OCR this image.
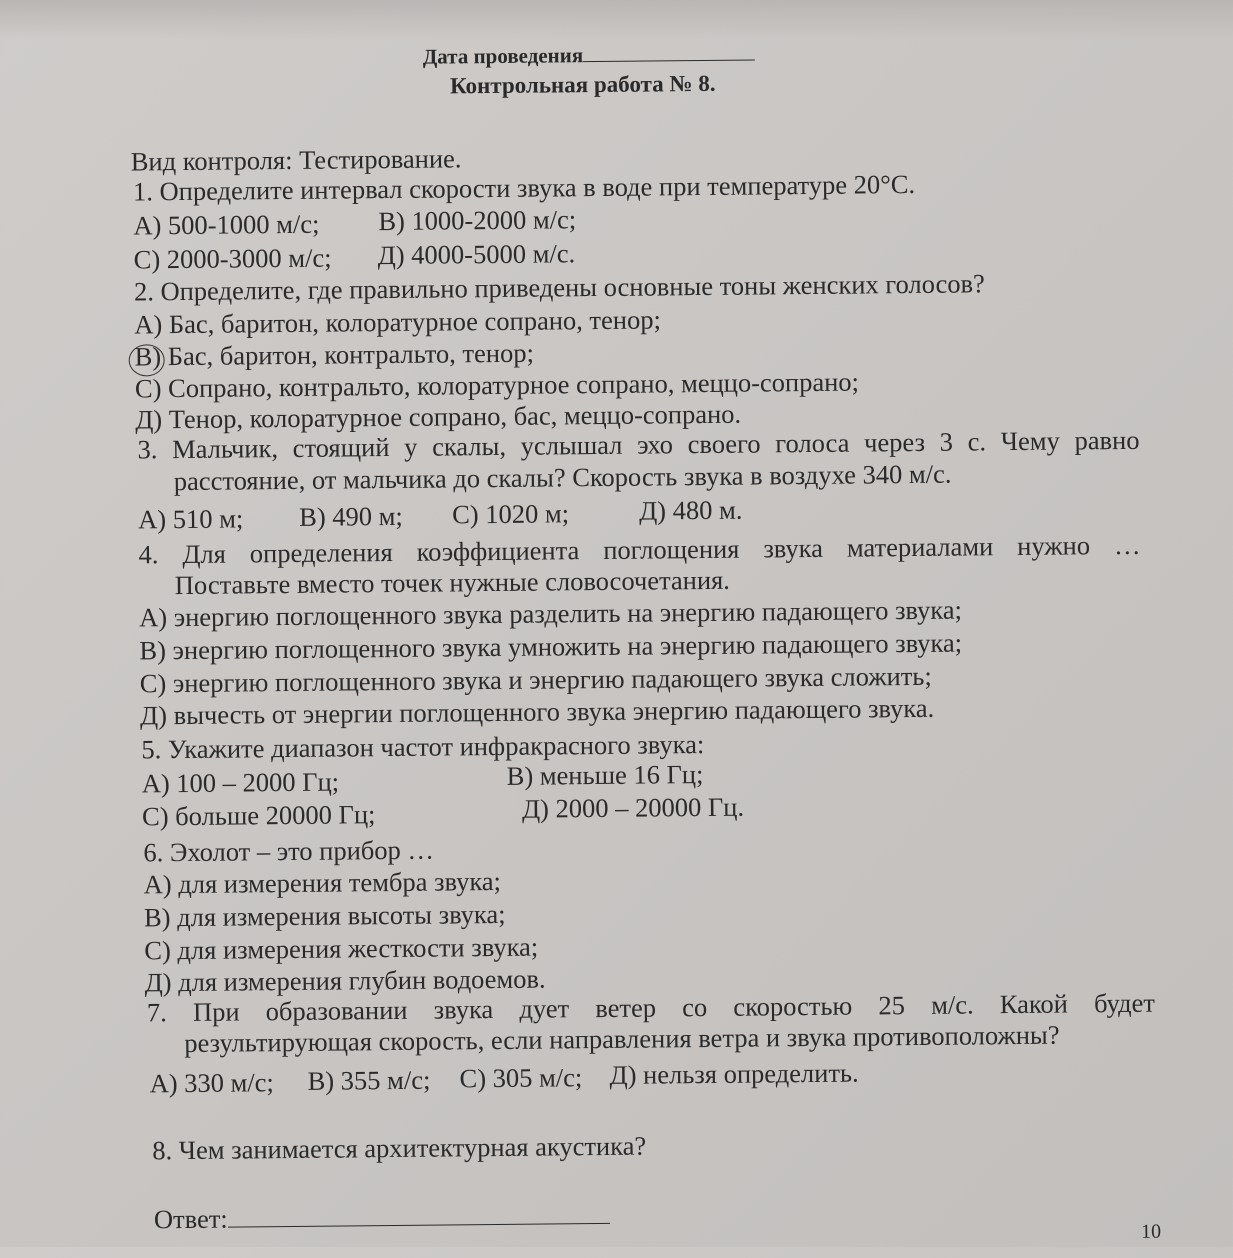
Дата проведения
Контрольная работа № 8.
Вид контроля: Тестирование.
1. Определите интервал скорости звука в воде при температуре 20°С.
А) 500-1000 м/с; В) 1000-2000 м/с;
С) 2000-3000 м/с; Д) 4000-5000 м/с.
2. Определите, где правильно приведены основные тоны женских голосов?
А) Бас, баритон, колоратурное сопрано, тенор;
В) Бас, баритон, контральто, тенор;
С) Сопрано, контральто, колоратурное сопрано, меццо-сопрано;
Д) Тенор, колоратурное сопрано, бас, меццо-сопрано.
3. Мальчик, стоящий у скалы, услышал эхо своего голоса через 3 с. Чему равно
расстояние, от мальчика до скалы? Скорость звука в воздухе 340 м/с.
А) 510 м; В) 490 м; С) 1020 м;	Д) 480 м.
4. Для определения коэффициента поглощения звука материалами нужно …
Поставьте вместо точек нужные словосочетания.
А) энергию поглощенного звука разделить на энергию падающего звука;
В) энергию поглощенного звука умножить на энергию падающего звука;
С) энергию поглощенного звука и энергию падающего звука сложить;
Д) вычесть от энергии поглощенного звука энергию падающего звука.
5. Укажите диапазон частот инфракрасного звука:
А) 100 – 2000 Гц;	В) меньше 16 Гц;
С) больше 20000 Гц;	Д) 2000 – 20000 Гц.
6. Эхолот – это прибор …
А) для измерения тембра звука;
В) для измерения высоты звука;
С) для измерения жесткости звука;
Д) для измерения глубин водоемов.
7. При образовании звука дует ветер со скоростью 25 м/с. Какой будет
результирующая скорость, если направления ветра и звука противоположны?
А) 330 м/с; В) 355 м/с; С) 305 м/с; Д) нельзя определить.
8. Чем занимается архитектурная акустика?
Ответ:	10
